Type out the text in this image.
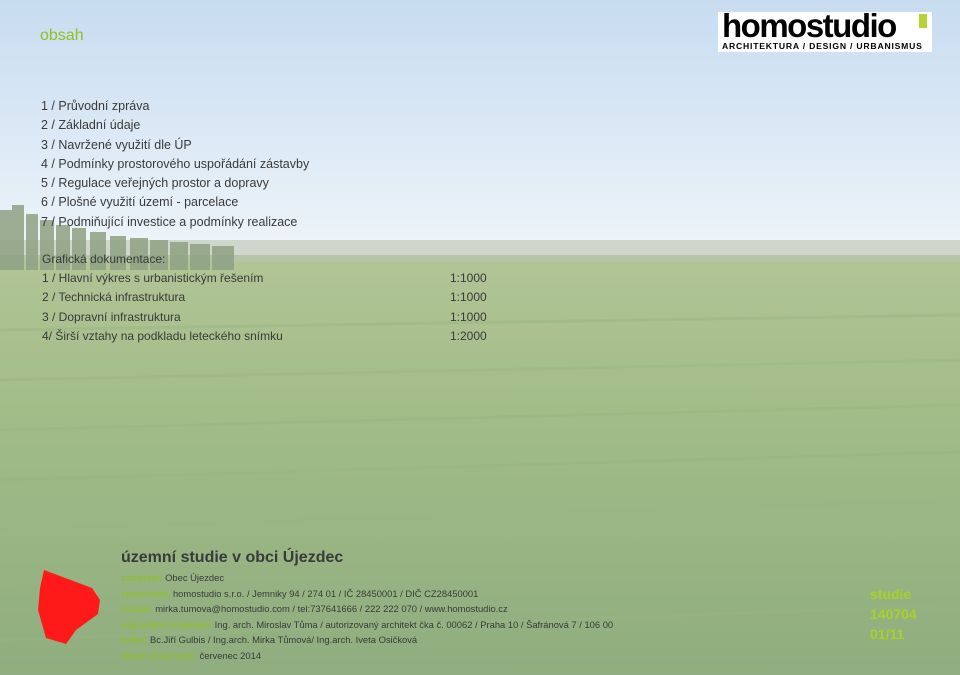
obsah	homostudio
ARCHITEKTURA / DESIGN / URBANISMUS
1 / Průvodní zpráva
2 / Základní údaje
3 / Navržené využití dle ÚP
4 / Podmínky prostorového uspořádání zástavby
5 / Regulace veřejných prostor a dopravy
6 / Plošné využití území - parcelace
7 / Podmiňující investice a podmínky realizace
Grafická dokumentace:
1 / Hlavní výkres s urbanistickým řešením	1:1000
2 / Technická infrastruktura	1:1000
3 / Dopravní infrastruktura	1:1000
4/ Širší vztahy na podkladu leteckého snímku	1:2000
územní studie v obci Újezdec
zadavatel Obec Újezdec
zpracovatel homostudio s.r.o. / Jemniky 94 / 274 01 / IČ 28450001 / DIČ CZ28450001
kontakt mirka.tumova@homostudio.com / tel:737641666 / 222 222 070 / www.homostudio.cz
odpovědný projektant Ing. arch. Miroslav Tůma / autorizovaný architekt čka č. 00062 / Praha 10 / Šafránová 7 / 106 00
řešitel Bc.Jiří Gulbis / Ing.arch. Mirka Tůmová/ Ing.arch. Iveta Osičková
datum zpracování červenec 2014
studie
140704
01/11
